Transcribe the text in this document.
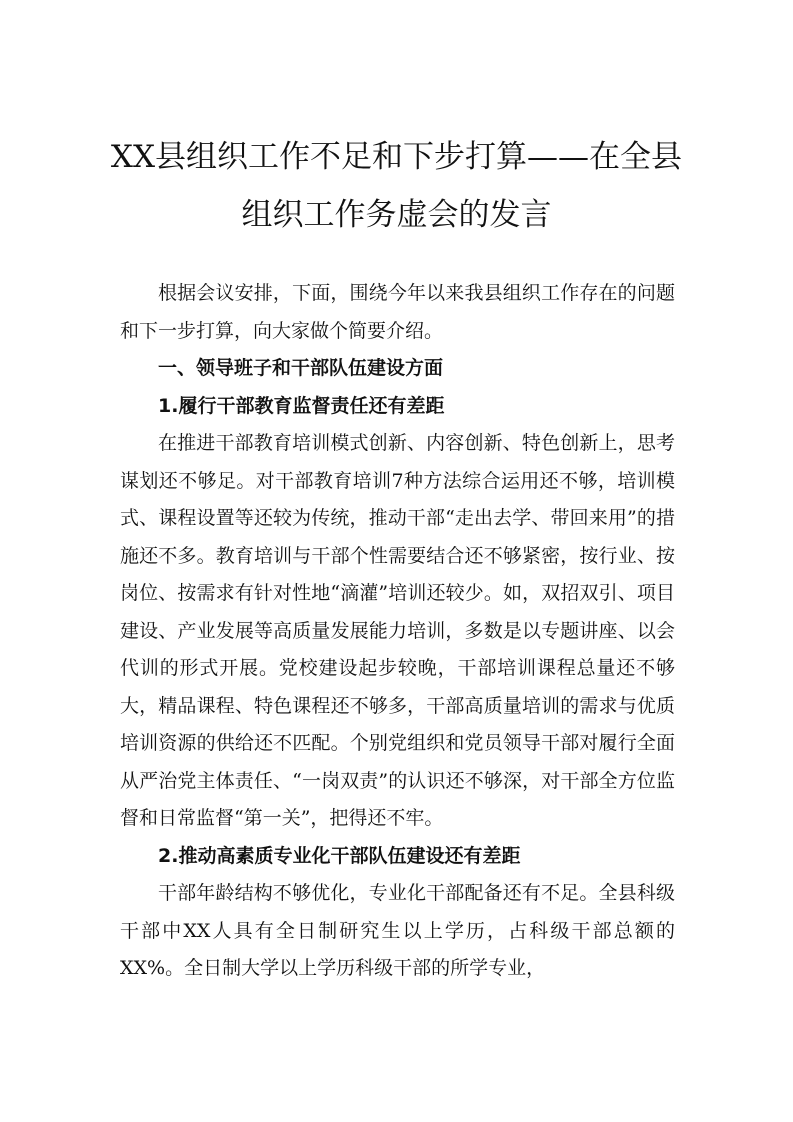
XX县组织工作不足和下步打算——在全县
组织工作务虚会的发言

根据会议安排，下面，围绕今年以来我县组织工作存在的问题和下一步打算，向大家做个简要介绍。

一、领导班子和干部队伍建设方面

1.履行干部教育监督责任还有差距

在推进干部教育培训模式创新、内容创新、特色创新上，思考谋划还不够足。对干部教育培训7种方法综合运用还不够，培训模式、课程设置等还较为传统，推动干部“走出去学、带回来用”的措施还不多。教育培训与干部个性需要结合还不够紧密，按行业、按岗位、按需求有针对性地“滴灌”培训还较少。如，双招双引、项目建设、产业发展等高质量发展能力培训，多数是以专题讲座、以会代训的形式开展。党校建设起步较晚，干部培训课程总量还不够大，精品课程、特色课程还不够多，干部高质量培训的需求与优质培训资源的供给还不匹配。个别党组织和党员领导干部对履行全面从严治党主体责任、“一岗双责”的认识还不够深，对干部全方位监督和日常监督“第一关”，把得还不牢。

2.推动高素质专业化干部队伍建设还有差距

干部年龄结构不够优化，专业化干部配备还有不足。全县科级干部中XX人具有全日制研究生以上学历，占科级干部总额的XX%。全日制大学以上学历科级干部的所学专业，
